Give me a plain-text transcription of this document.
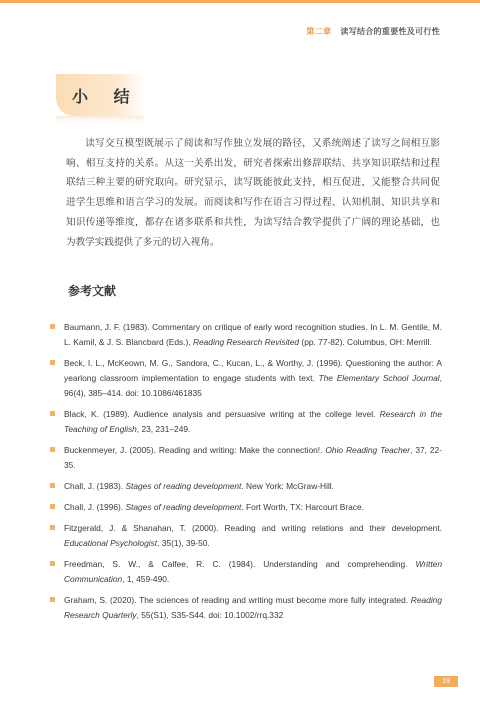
第二章 读写结合的重要性及可行性
小 结

读写交互模型既展示了阅读和写作独立发展的路径，又系统阐述了读写之间相互影响、相互支持的关系。从这一关系出发，研究者探索出修辞联结、共享知识联结和过程联结三种主要的研究取向。研究显示，读写既能彼此支持，相互促进，又能整合共同促进学生思维和语言学习的发展。而阅读和写作在语言习得过程、认知机制、知识共享和知识传递等维度，都存在诸多联系和共性，为读写结合教学提供了广阔的理论基础，也为教学实践提供了多元的切入视角。

参考文献
Baumann, J. F. (1983). Commentary on critique of early word recognition studies. In L. M. Gentile, M. L. Kamil, & J. S. Blancbard (Eds.), Reading Research Revisited (pp. 77-82). Columbus, OH: Merrill.
Beck, I. L., McKeown, M. G., Sandora, C., Kucan, L., & Worthy, J. (1996). Questioning the author: A yearlong classroom implementation to engage students with text. The Elementary School Journal, 96(4), 385–414. doi: 10.1086/461835
Black, K. (1989). Audience analysis and persuasive writing at the college level. Research in the Teaching of English, 23, 231–249.
Buckenmeyer, J. (2005). Reading and writing: Make the connection!. Ohio Reading Teacher, 37, 22-35.
Chall, J. (1983). Stages of reading development. New York: McGraw-Hill.
Chall, J. (1996). Stages of reading development. Fort Worth, TX: Harcourt Brace.
Fitzgerald, J. & Shanahan, T. (2000). Reading and writing relations and their development. Educational Psychologist, 35(1), 39-50.
Freedman, S. W., & Calfee, R. C. (1984). Understanding and comprehending. Written Communication, 1, 459-490.
Graham, S. (2020). The sciences of reading and writing must become more fully integrated. Reading Research Quarterly, 55(S1), S35-S44. doi: 10.1002/rrq.332
19
